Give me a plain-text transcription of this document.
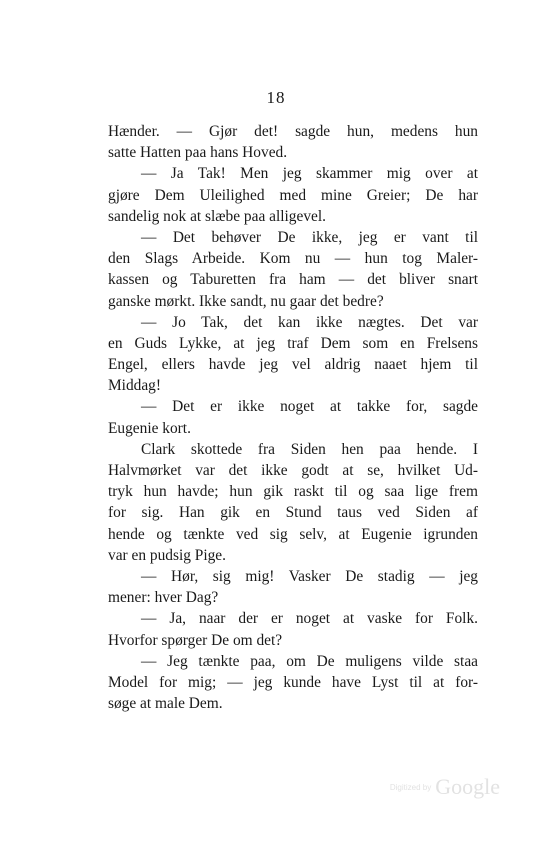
18
Hænder. — Gjør det! sagde hun, medens hun
satte Hatten paa hans Hoved.
— Ja Tak! Men jeg skammer mig over at
gjøre Dem Uleilighed med mine Greier; De har
sandelig nok at slæbe paa alligevel.
— Det behøver De ikke, jeg er vant til
den Slags Arbeide. Kom nu — hun tog Maler-
kassen og Taburetten fra ham — det bliver snart
ganske mørkt. Ikke sandt, nu gaar det bedre?
— Jo Tak, det kan ikke nægtes. Det var
en Guds Lykke, at jeg traf Dem som en Frelsens
Engel, ellers havde jeg vel aldrig naaet hjem til
Middag!
— Det er ikke noget at takke for, sagde
Eugenie kort.
Clark skottede fra Siden hen paa hende. I
Halvmørket var det ikke godt at se, hvilket Ud-
tryk hun havde; hun gik raskt til og saa lige frem
for sig. Han gik en Stund taus ved Siden af
hende og tænkte ved sig selv, at Eugenie igrunden
var en pudsig Pige.
— Hør, sig mig! Vasker De stadig — jeg
mener: hver Dag?
— Ja, naar der er noget at vaske for Folk.
Hvorfor spørger De om det?
— Jeg tænkte paa, om De muligens vilde staa
Model for mig; — jeg kunde have Lyst til at for-
søge at male Dem.
Digitized by Google
